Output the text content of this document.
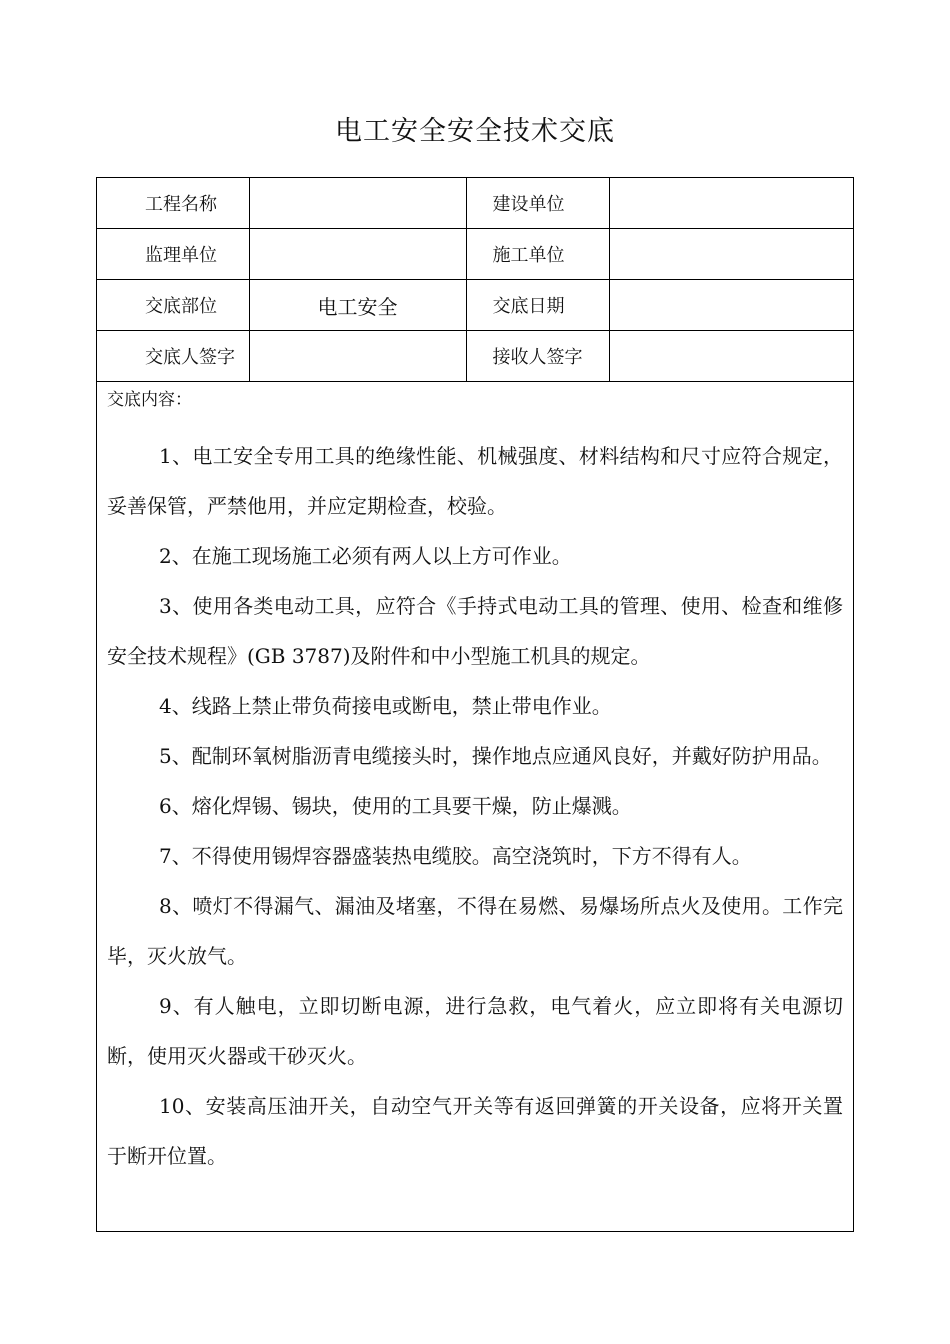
电工安全安全技术交底
工程名称		建设单位	
监理单位		施工单位	
交底部位	电工安全	交底日期	
交底人签字		接收人签字	
交底内容：

1、电工安全专用工具的绝缘性能、机械强度、材料结构和尺寸应符合规定，妥善保管，严禁他用，并应定期检查，校验。

2、在施工现场施工必须有两人以上方可作业。

3、使用各类电动工具，应符合《手持式电动工具的管理、使用、检查和维修安全技术规程》(GB 3787)及附件和中小型施工机具的规定。

4、线路上禁止带负荷接电或断电，禁止带电作业。

5、配制环氧树脂沥青电缆接头时，操作地点应通风良好，并戴好防护用品。

6、熔化焊锡、锡块，使用的工具要干燥，防止爆溅。

7、不得使用锡焊容器盛装热电缆胶。高空浇筑时，下方不得有人。

8、喷灯不得漏气、漏油及堵塞，不得在易燃、易爆场所点火及使用。工作完毕，灭火放气。

9、有人触电，立即切断电源，进行急救，电气着火，应立即将有关电源切断，使用灭火器或干砂灭火。

10、安装高压油开关，自动空气开关等有返回弹簧的开关设备，应将开关置于断开位置。
